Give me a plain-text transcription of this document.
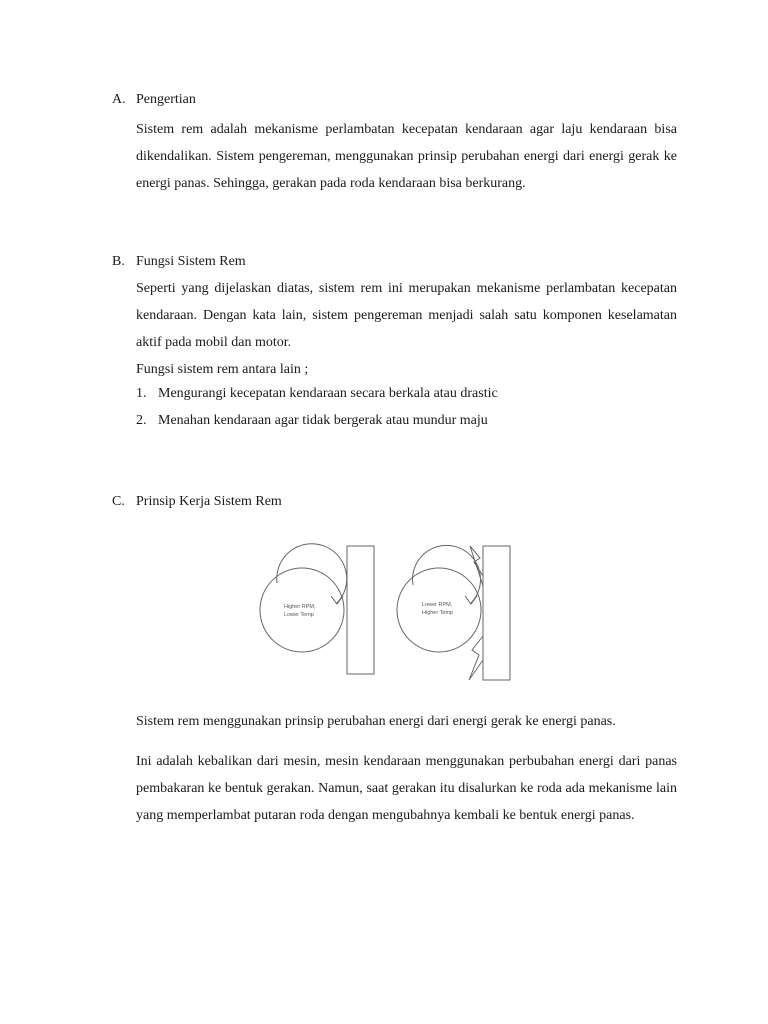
A. Pengertian
Sistem rem adalah mekanisme perlambatan kecepatan kendaraan agar laju kendaraan bisa dikendalikan. Sistem pengereman, menggunakan prinsip perubahan energi dari energi gerak ke energi panas. Sehingga, gerakan pada roda kendaraan bisa berkurang.
B. Fungsi Sistem Rem
Seperti yang dijelaskan diatas, sistem rem ini merupakan mekanisme perlambatan kecepatan kendaraan. Dengan kata lain, sistem pengereman menjadi salah satu komponen keselamatan aktif pada mobil dan motor.
Fungsi sistem rem antara lain ;
1. Mengurangi kecepatan kendaraan secara berkala atau drastic
2. Menahan kendaraan agar tidak bergerak atau mundur maju
C. Prinsip Kerja Sistem Rem
Higher RPM,
Lower Temp
Lower RPM,
Higher Temp
Sistem rem menggunakan prinsip perubahan energi dari energi gerak ke energi panas.
Ini adalah kebalikan dari mesin, mesin kendaraan menggunakan perbubahan energi dari panas pembakaran ke bentuk gerakan. Namun, saat gerakan itu disalurkan ke roda ada mekanisme lain yang memperlambat putaran roda dengan mengubahnya kembali ke bentuk energi panas.
